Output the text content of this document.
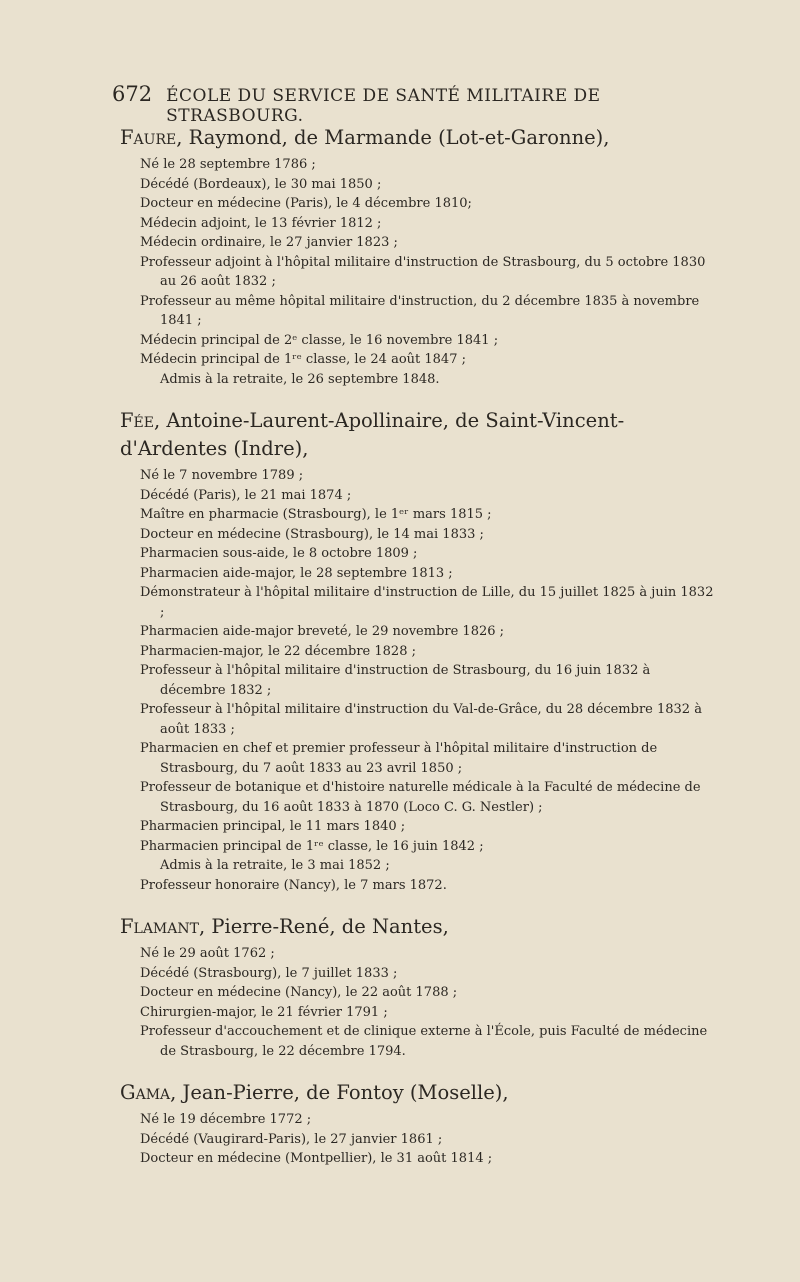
672 ÉCOLE DU SERVICE DE SANTÉ MILITAIRE DE STRASBOURG.
Faure, Raymond, de Marmande (Lot-et-Garonne),
Né le 28 septembre 1786 ;
Décédé (Bordeaux), le 30 mai 1850 ;
Docteur en médecine (Paris), le 4 décembre 1810;
Médecin adjoint, le 13 février 1812 ;
Médecin ordinaire, le 27 janvier 1823 ;
Professeur adjoint à l'hôpital militaire d'instruction de Strasbourg, du 5 octobre 1830 au 26 août 1832 ;
Professeur au même hôpital militaire d'instruction, du 2 décembre 1835 à novembre 1841 ;
Médecin principal de 2ᵉ classe, le 16 novembre 1841 ;
Médecin principal de 1ʳᵉ classe, le 24 août 1847 ;
Admis à la retraite, le 26 septembre 1848.
Fée, Antoine-Laurent-Apollinaire, de Saint-Vincent-d'Ardentes (Indre),
Né le 7 novembre 1789 ;
Décédé (Paris), le 21 mai 1874 ;
Maître en pharmacie (Strasbourg), le 1ᵉʳ mars 1815 ;
Docteur en médecine (Strasbourg), le 14 mai 1833 ;
Pharmacien sous-aide, le 8 octobre 1809 ;
Pharmacien aide-major, le 28 septembre 1813 ;
Démonstrateur à l'hôpital militaire d'instruction de Lille, du 15 juillet 1825 à juin 1832 ;
Pharmacien aide-major breveté, le 29 novembre 1826 ;
Pharmacien-major, le 22 décembre 1828 ;
Professeur à l'hôpital militaire d'instruction de Strasbourg, du 16 juin 1832 à décembre 1832 ;
Professeur à l'hôpital militaire d'instruction du Val-de-Grâce, du 28 décembre 1832 à août 1833 ;
Pharmacien en chef et premier professeur à l'hôpital militaire d'instruction de Strasbourg, du 7 août 1833 au 23 avril 1850 ;
Professeur de botanique et d'histoire naturelle médicale à la Faculté de médecine de Strasbourg, du 16 août 1833 à 1870 (Loco C. G. Nestler) ;
Pharmacien principal, le 11 mars 1840 ;
Pharmacien principal de 1ʳᵉ classe, le 16 juin 1842 ;
Admis à la retraite, le 3 mai 1852 ;
Professeur honoraire (Nancy), le 7 mars 1872.
Flamant, Pierre-René, de Nantes,
Né le 29 août 1762 ;
Décédé (Strasbourg), le 7 juillet 1833 ;
Docteur en médecine (Nancy), le 22 août 1788 ;
Chirurgien-major, le 21 février 1791 ;
Professeur d'accouchement et de clinique externe à l'École, puis Faculté de médecine de Strasbourg, le 22 décembre 1794.
Gama, Jean-Pierre, de Fontoy (Moselle),
Né le 19 décembre 1772 ;
Décédé (Vaugirard-Paris), le 27 janvier 1861 ;
Docteur en médecine (Montpellier), le 31 août 1814 ;
